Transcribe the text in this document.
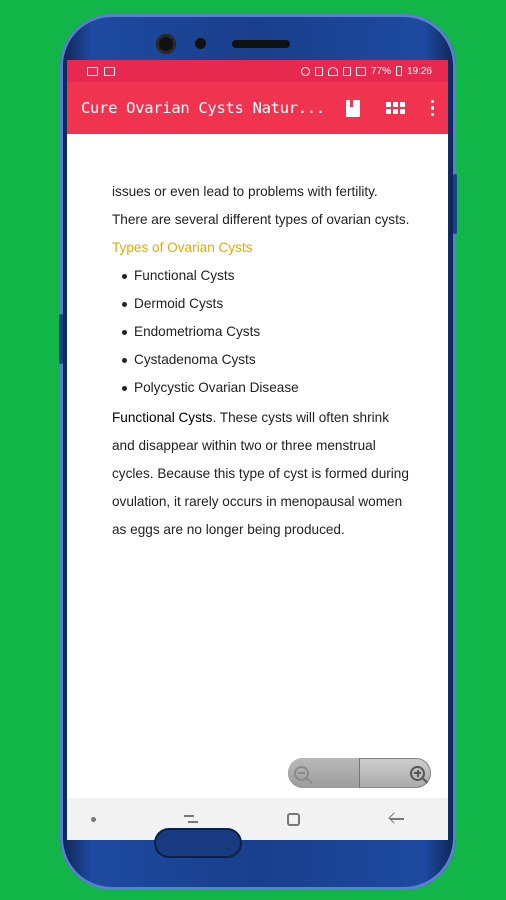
77% 19:26
Cure Ovarian Cysts Natur...

issues or even lead to problems with fertility. There are several different types of ovarian cysts.

Types of Ovarian Cysts

Functional Cysts
Dermoid Cysts
Endometrioma Cysts
Cystadenoma Cysts
Polycystic Ovarian Disease

Functional Cysts. These cysts will often shrink and disappear within two or three menstrual cycles. Because this type of cyst is formed during ovulation, it rarely occurs in menopausal women as eggs are no longer being produced.
